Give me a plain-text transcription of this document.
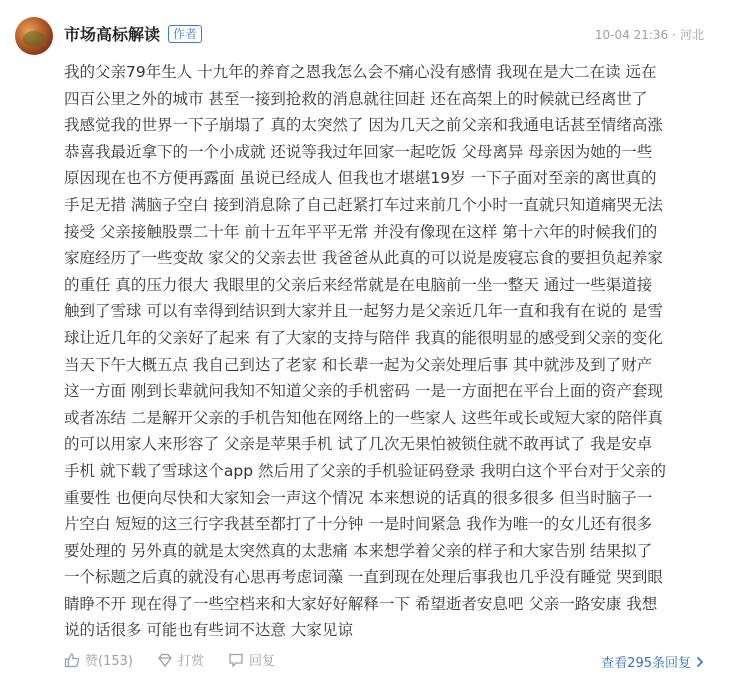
市场高标解读	作者	10-04 21:36 · 河北
我的父亲79年生人 十九年的养育之恩我怎么会不痛心没有感情 我现在是大二在读 远在
四百公里之外的城市 甚至一接到抢救的消息就往回赶 还在高架上的时候就已经离世了
我感觉我的世界一下子崩塌了 真的太突然了 因为几天之前父亲和我通电话甚至情绪高涨
恭喜我最近拿下的一个小成就 还说等我过年回家一起吃饭 父母离异 母亲因为她的一些
原因现在也不方便再露面 虽说已经成人 但我也才堪堪19岁 一下子面对至亲的离世真的
手足无措 满脑子空白 接到消息除了自己赶紧打车过来前几个小时一直就只知道痛哭无法
接受 父亲接触股票二十年 前十五年平平无常 并没有像现在这样 第十六年的时候我们的
家庭经历了一些变故 家父的父亲去世 我爸爸从此真的可以说是废寝忘食的要担负起养家
的重任 真的压力很大 我眼里的父亲后来经常就是在电脑前一坐一整天 通过一些渠道接
触到了雪球 可以有幸得到结识到大家并且一起努力是父亲近几年一直和我有在说的 是雪
球让近几年的父亲好了起来 有了大家的支持与陪伴 我真的能很明显的感受到父亲的变化
当天下午大概五点 我自己到达了老家 和长辈一起为父亲处理后事 其中就涉及到了财产
这一方面 刚到长辈就问我知不知道父亲的手机密码 一是一方面把在平台上面的资产套现
或者冻结 二是解开父亲的手机告知他在网络上的一些家人 这些年或长或短大家的陪伴真
的可以用家人来形容了 父亲是苹果手机 试了几次无果怕被锁住就不敢再试了 我是安卓
手机 就下载了雪球这个app 然后用了父亲的手机验证码登录 我明白这个平台对于父亲的
重要性 也便向尽快和大家知会一声这个情况 本来想说的话真的很多很多 但当时脑子一
片空白 短短的这三行字我甚至都打了十分钟 一是时间紧急 我作为唯一的女儿还有很多
要处理的 另外真的就是太突然真的太悲痛 本来想学着父亲的样子和大家告别 结果拟了
一个标题之后真的就没有心思再考虑词藻 一直到现在处理后事我也几乎没有睡觉 哭到眼
睛睁不开 现在得了一些空档来和大家好好解释一下 希望逝者安息吧 父亲一路安康 我想
说的话很多 可能也有些词不达意 大家见谅
赞(153)	打赏	回复	查看295条回复
